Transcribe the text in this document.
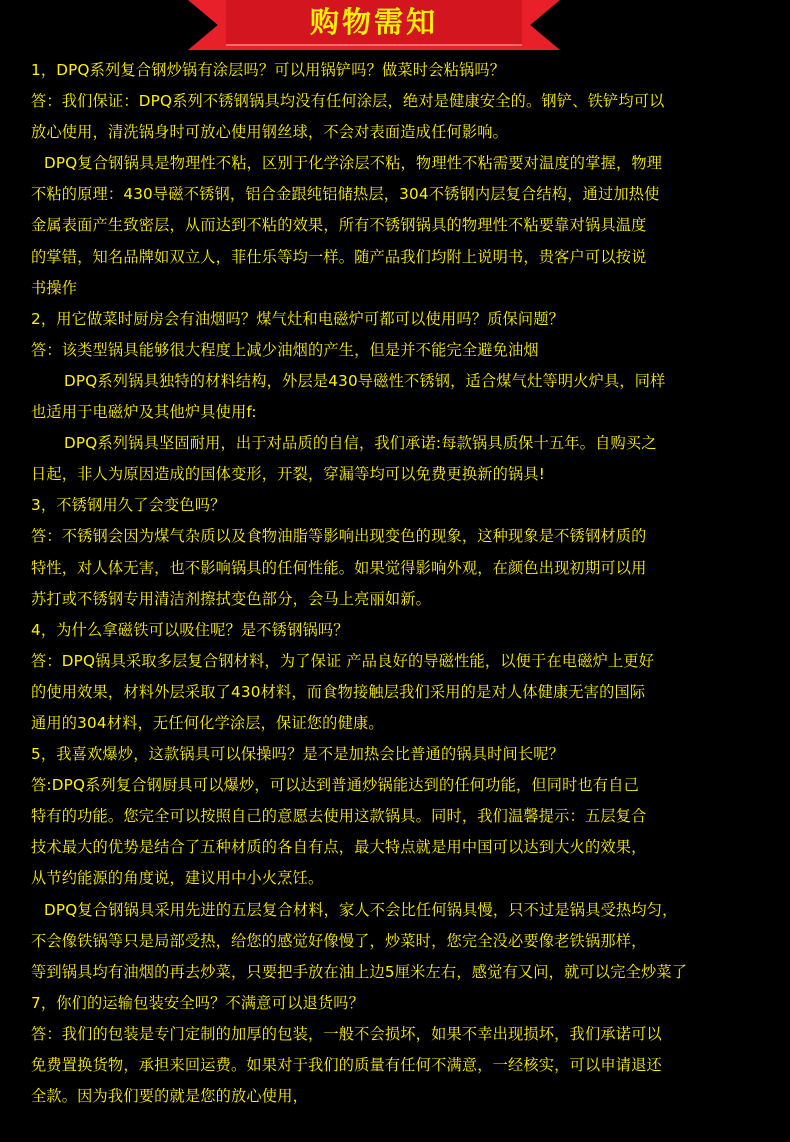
购物需知
1，DPQ系列复合钢炒锅有涂层吗？可以用锅铲吗？做菜时会粘锅吗？
答：我们保证：DPQ系列不锈钢锅具均没有任何涂层，绝对是健康安全的。钢铲、铁铲均可以
放心使用，清洗锅身时可放心使用钢丝球，不会对表面造成任何影响。
DPQ复合钢锅具是物理性不粘，区别于化学涂层不粘，物理性不粘需要对温度的掌握，物理
不粘的原理：430导磁不锈钢，铝合金跟纯铝储热层，304不锈钢内层复合结构，通过加热使
金属表面产生致密层，从而达到不粘的效果，所有不锈钢锅具的物理性不粘要靠对锅具温度
的掌错，知名品牌如双立人，菲仕乐等均一样。随产品我们均附上说明书，贵客户可以按说
书操作
2，用它做菜时厨房会有油烟吗？煤气灶和电磁炉可都可以使用吗？质保问题？
答：该类型锅具能够很大程度上减少油烟的产生，但是并不能完全避免油烟
DPQ系列锅具独特的材料结构，外层是430导磁性不锈钢，适合煤气灶等明火炉具，同样
也适用于电磁炉及其他炉具使用f:
DPQ系列锅具坚固耐用，出于对品质的自信，我们承诺:每款锅具质保十五年。自购买之
日起，非人为原因造成的国体变形，开裂，穿漏等均可以免费更换新的锅具!
3，不锈钢用久了会变色吗？
答：不锈钢会因为煤气杂质以及食物油脂等影响出现变色的现象，这种现象是不锈钢材质的
特性，对人体无害，也不影响锅具的任何性能。如果觉得影响外观，在颜色出现初期可以用
苏打或不锈钢专用清洁剂擦拭变色部分，会马上亮丽如新。
4，为什么拿磁铁可以吸住呢？是不锈钢锅吗？
答：DPQ锅具采取多层复合钢材料，为了保证 产品良好的导磁性能，以便于在电磁炉上更好
的使用效果，材料外层采取了430材料，而食物接触层我们采用的是对人体健康无害的国际
通用的304材料，无任何化学涂层，保证您的健康。
5，我喜欢爆炒，这款锅具可以保操吗？是不是加热会比普通的锅具时间长呢？
答:DPQ系列复合钢厨具可以爆炒，可以达到普通炒锅能达到的任何功能，但同时也有自己
特有的功能。您完全可以按照自己的意愿去使用这款锅具。同时，我们温馨提示：五层复合
技术最大的优势是结合了五种材质的各自有点，最大特点就是用中国可以达到大火的效果，
从节约能源的角度说，建议用中小火烹饪。
DPQ复合钢锅具采用先进的五层复合材料，家人不会比任何锅具慢，只不过是锅具受热均匀，
不会像铁锅等只是局部受热，给您的感觉好像慢了，炒菜时，您完全没必要像老铁锅那样，
等到锅具均有油烟的再去炒菜，只要把手放在油上边5厘米左右，感觉有又问，就可以完全炒菜了
7，你们的运输包装安全吗？不满意可以退货吗？
答：我们的包装是专门定制的加厚的包装，一般不会损坏，如果不幸出现损坏，我们承诺可以
免费置换货物，承担来回运费。如果对于我们的质量有任何不满意，一经核实，可以申请退还
全款。因为我们要的就是您的放心使用，
